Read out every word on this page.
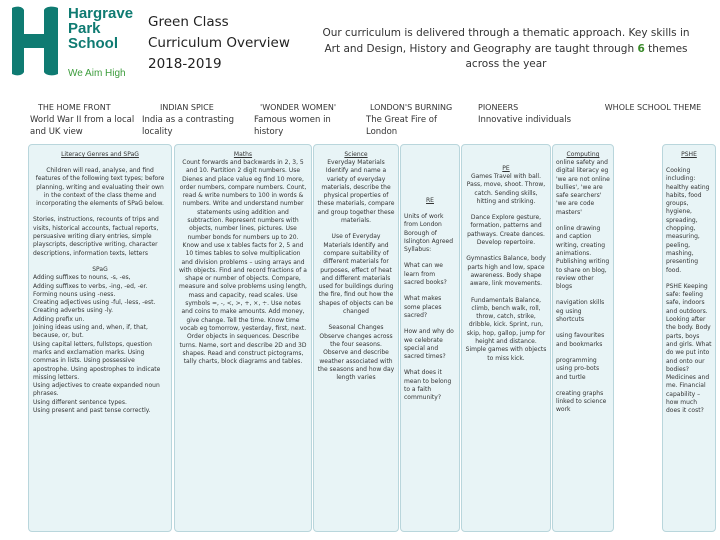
Hargrave
Park
School
We Aim High
Green Class
Curriculum Overview
2018-2019
Our curriculum is delivered through a thematic approach. Key skills in Art and Design, History and Geography are taught through 6 themes across the year
THE HOME FRONT
World War II from a local and UK view
INDIAN SPICE
India as a contrasting locality
'WONDER WOMEN'
Famous women in history
LONDON'S BURNING
The Great Fire of London
PIONEERS
Innovative individuals
WHOLE SCHOOL THEME
Literacy Genres and SPaG

Children will read, analyse, and find features of the following text types; before planning, writing and evaluating their own in the context of the class theme and incorporating the elements of SPaG below.

Stories, instructions, recounts of trips and visits, historical accounts, factual reports, persuasive writing diary entries, simple playscripts, descriptive writing, character descriptions, information texts, letters

SPaG
Adding suffixes to nouns, -s, -es,
Adding suffixes to verbs, -ing, -ed, -er.
Forming nouns using -ness.
Creating adjectives using -ful, -less, -est.
Creating adverbs using -ly.
Adding prefix un.
Joining ideas using and, when, if, that, because, or, but.
Using capital letters, fullstops, question marks and exclamation marks. Using commas in lists. Using possessive apostrophe. Using apostrophes to indicate missing letters.
Using adjectives to create expanded noun phrases.
Using different sentence types.
Using present and past tense correctly.
Maths
Count forwards and backwards in 2, 3, 5 and 10. Partition 2 digit numbers. Use Dienes and place value eg find 10 more, order numbers, compare numbers. Count, read & write numbers to 100 in words & numbers. Write and understand number statements using addition and subtraction. Represent numbers with objects, number lines, pictures. Use number bonds for numbers up to 20. Know and use x tables facts for 2, 5 and 10 times tables to solve multiplication and division problems – using arrays and with objects. Find and record fractions of a shape or number of objects. Compare, measure and solve problems using length, mass and capacity, read scales. Use symbols =, -, <, >, +, ×, ÷. Use notes and coins to make amounts. Add money, give change. Tell the time. Know time vocab eg tomorrow, yesterday, first, next. Order objects in sequences. Describe turns. Name, sort and describe 2D and 3D shapes. Read and construct pictograms, tally charts, block diagrams and tables.
Science

Everyday Materials Identify and name a variety of everyday materials, describe the physical properties of these materials, compare and group together these materials.

Use of Everyday Materials Identify and compare suitability of different materials for purposes, effect of heat and different materials used for buildings during the fire, find out how the shapes of objects can be changed

Seasonal Changes Observe changes across the four seasons. Observe and describe weather associated with the seasons and how day length varies

RE

Units of work from London Borough of Islington Agreed Syllabus:

What can we learn from sacred books?

What makes some places sacred?

How and why do we celebrate special and sacred times?

What does it mean to belong to a faith community?

PE

Games Travel with ball. Pass, move, shoot. Throw, catch. Sending skills, hitting and striking.

Dance Explore gesture, formation, patterns and pathways. Create dances. Develop repertoire.

Gymnastics Balance, body parts high and low, space awareness. Body shape aware, link movements.

Fundamentals Balance, climb, bench walk, roll, throw, catch, strike, dribble, kick. Sprint, run, skip, hop, gallop, jump for height and distance. Simple games with objects to miss kick.

Computing

online safety and digital literacy eg 'we are not online bullies', 'we are safe searchers' 'we are code masters'

online drawing and caption writing, creating animations. Publishing writing to share on blog, review other blogs

navigation skills eg using shortcuts

using favourites and bookmarks

programming using pro-bots and turtle

creating graphs linked to science work

PSHE

Cooking including: healthy eating habits, food groups, hygiene, spreading, chopping, measuring, peeling, mashing, presenting food.

PSHE Keeping safe: feeling safe, indoors and outdoors. Looking after the body. Body parts, boys and girls. What do we put into and onto our bodies? Medicines and me. Financial capability – how much does it cost?
